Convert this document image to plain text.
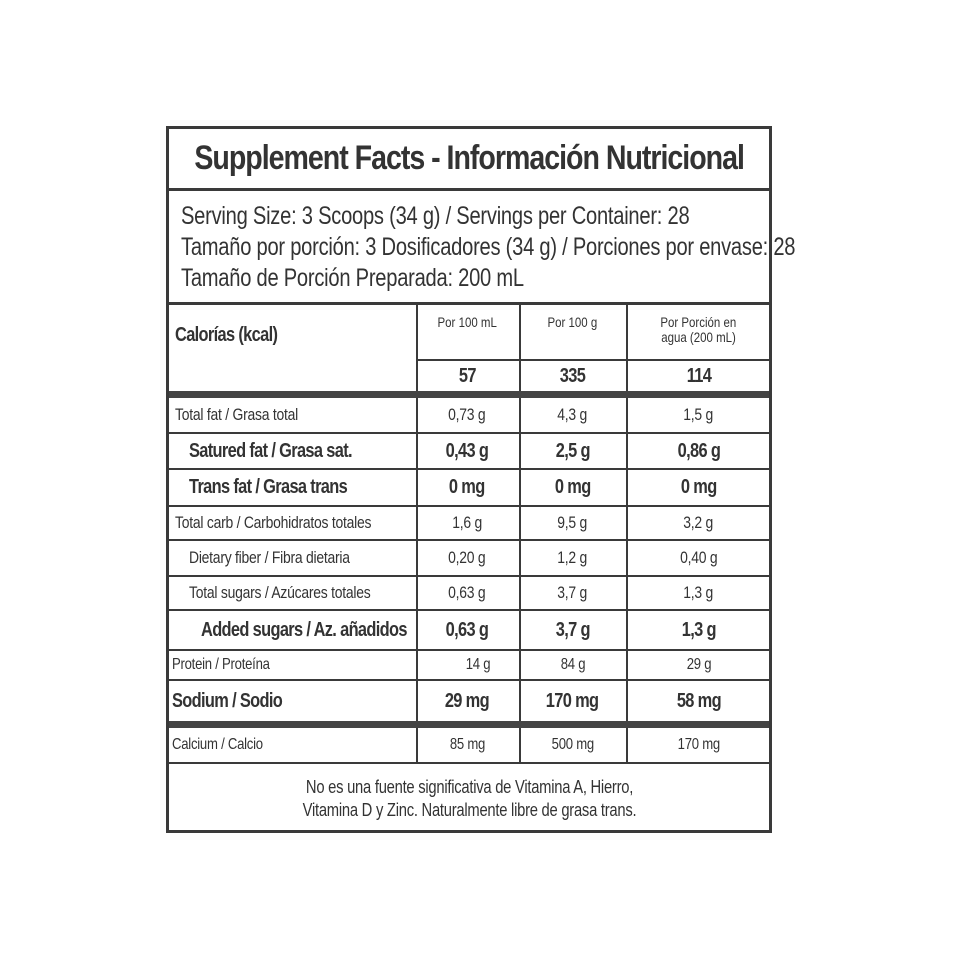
Supplement Facts - Información Nutricional
Serving Size: 3 Scoops (34 g) / Servings per Container: 28
Tamaño por porción: 3 Dosificadores (34 g) / Porciones por envase: 28
Tamaño de Porción Preparada: 200 mL
Calorías (kcal)
Por 100 mL	Por 100 g	Por Porción en
agua (200 mL)
57	335	114
Total fat / Grasa total	0,73 g	4,3 g	1,5 g
Satured fat / Grasa sat.	0,43 g	2,5 g	0,86 g
Trans fat / Grasa trans	0 mg	0 mg	0 mg
Total carb / Carbohidratos totales	1,6 g	9,5 g	3,2 g
Dietary fiber / Fibra dietaria	0,20 g	1,2 g	0,40 g
Total sugars / Azúcares totales	0,63 g	3,7 g	1,3 g
Added sugars / Az. añadidos 0,63 g	3,7 g	1,3 g
Protein / Proteína	14 g	84 g	29 g
Sodium / Sodio	29 mg	170 mg	58 mg
Calcium / Calcio	85 mg	500 mg	170 mg
No es una fuente significativa de Vitamina A, Hierro,
Vitamina D y Zinc. Naturalmente libre de grasa trans.
